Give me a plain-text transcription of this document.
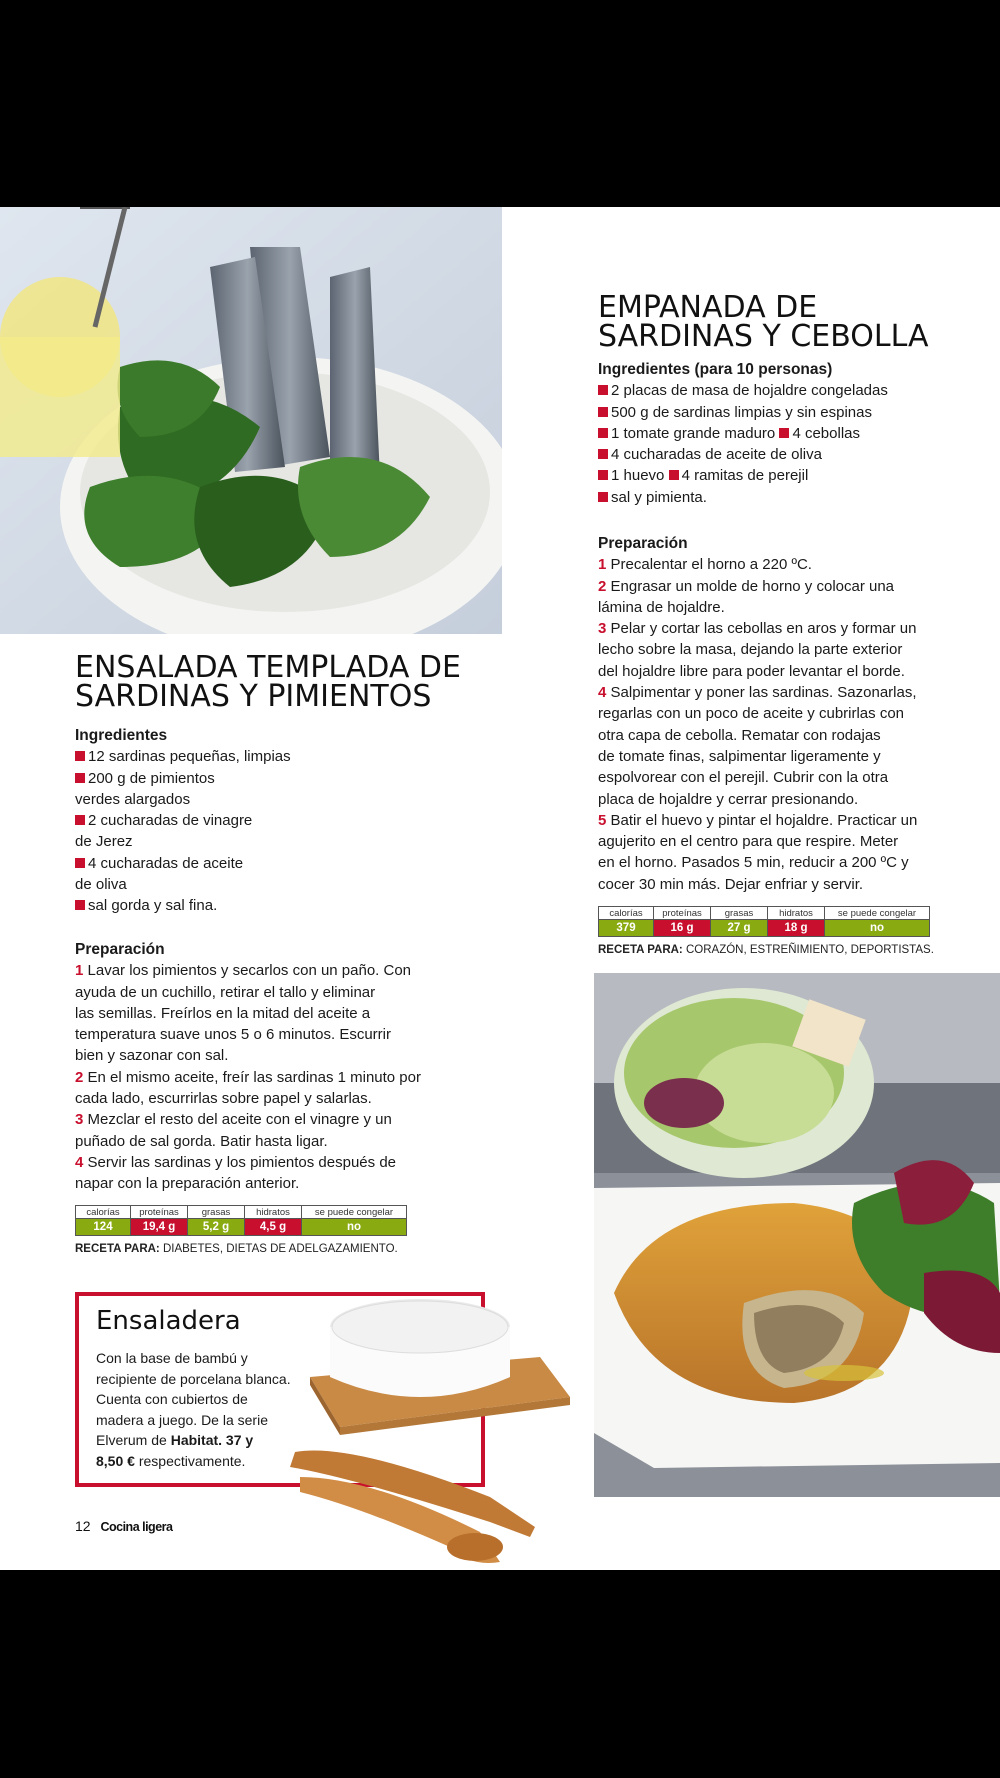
ENSALADA TEMPLADA DE
SARDINAS Y PIMIENTOS

Ingredientes

12 sardinas pequeñas, limpias
200 g de pimientos
verdes alargados
2 cucharadas de vinagre
de Jerez
4 cucharadas de aceite
de oliva
sal gorda y sal fina.

Preparación

1 Lavar los pimientos y secarlos con un paño. Con
ayuda de un cuchillo, retirar el tallo y eliminar
las semillas. Freírlos en la mitad del aceite a
temperatura suave unos 5 o 6 minutos. Escurrir
bien y sazonar con sal.
2 En el mismo aceite, freír las sardinas 1 minuto por
cada lado, escurrirlas sobre papel y salarlas.
3 Mezclar el resto del aceite con el vinagre y un
puñado de sal gorda. Batir hasta ligar.
4 Servir las sardinas y los pimientos después de
napar con la preparación anterior.
calorías	proteínas	grasas	hidratos	se puede congelar
124	19,4 g	5,2 g	4,5 g	no
RECETA PARA: DIABETES, DIETAS DE ADELGAZAMIENTO.
Ensaladera
Con la base de bambú y
recipiente de porcelana blanca.
Cuenta con cubiertos de
madera a juego. De la serie
Elverum de Habitat. 37 y
8,50 € respectivamente.
12 Cocina ligera
EMPANADA DE
SARDINAS Y CEBOLLA

Ingredientes (para 10 personas)

2 placas de masa de hojaldre congeladas
500 g de sardinas limpias y sin espinas
1 tomate grande maduro 4 cebollas
4 cucharadas de aceite de oliva
1 huevo 4 ramitas de perejil
sal y pimienta.

Preparación

1 Precalentar el horno a 220 ºC.
2 Engrasar un molde de horno y colocar una
lámina de hojaldre.
3 Pelar y cortar las cebollas en aros y formar un
lecho sobre la masa, dejando la parte exterior
del hojaldre libre para poder levantar el borde.
4 Salpimentar y poner las sardinas. Sazonarlas,
regarlas con un poco de aceite y cubrirlas con
otra capa de cebolla. Rematar con rodajas
de tomate finas, salpimentar ligeramente y
espolvorear con el perejil. Cubrir con la otra
placa de hojaldre y cerrar presionando.
5 Batir el huevo y pintar el hojaldre. Practicar un
agujerito en el centro para que respire. Meter
en el horno. Pasados 5 min, reducir a 200 ºC y
cocer 30 min más. Dejar enfriar y servir.
calorías	proteínas	grasas	hidratos	se puede congelar
379	16 g	27 g	18 g	no
RECETA PARA: CORAZÓN, ESTREÑIMIENTO, DEPORTISTAS.
